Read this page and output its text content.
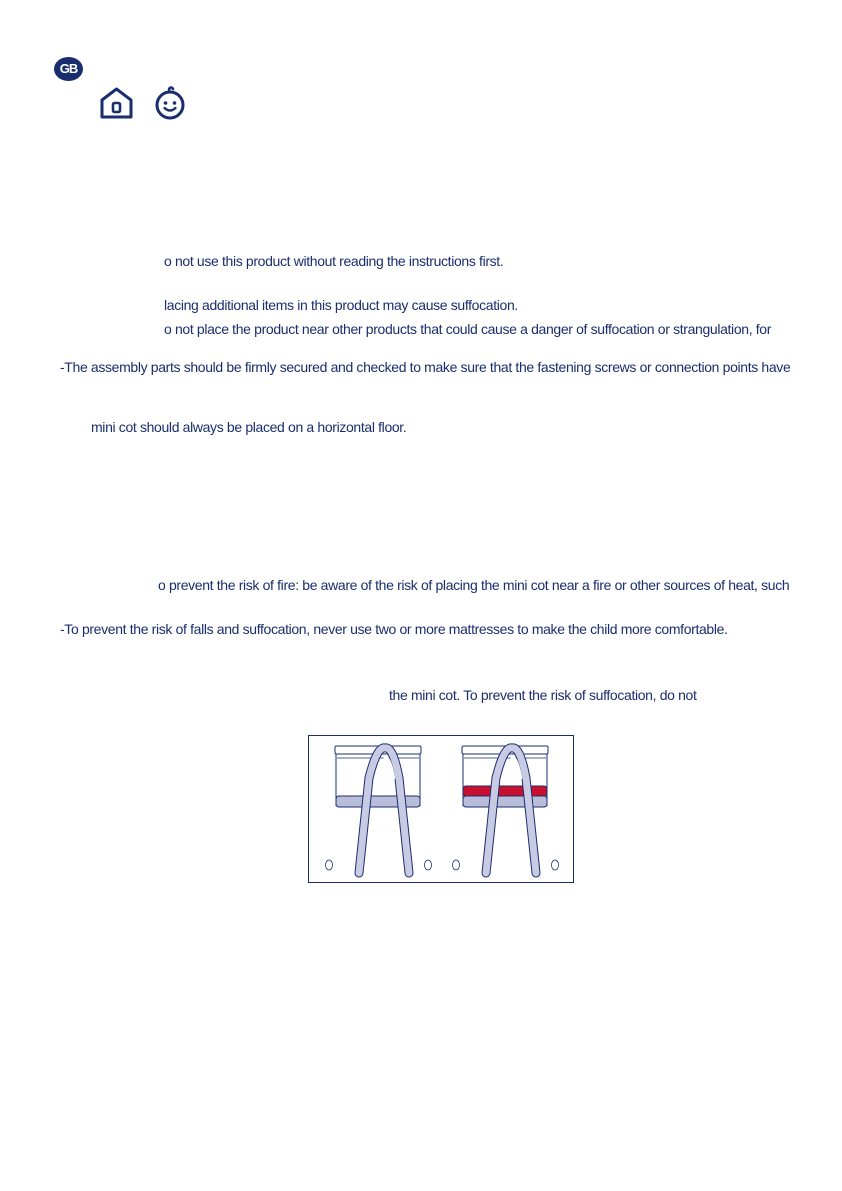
GB
o not use this product without reading the instructions first.
lacing additional items in this product may cause suffocation.
o not place the product near other products that could cause a danger of suffocation or strangulation, for
-The assembly parts should be firmly secured and checked to make sure that the fastening screws or connection points have
mini cot should always be placed on a horizontal floor.
o prevent the risk of fire: be aware of the risk of placing the mini cot near a fire or other sources of heat, such
-To prevent the risk of falls and suffocation, never use two or more mattresses to make the child more comfortable.
the mini cot. To prevent the risk of suffocation, do not
